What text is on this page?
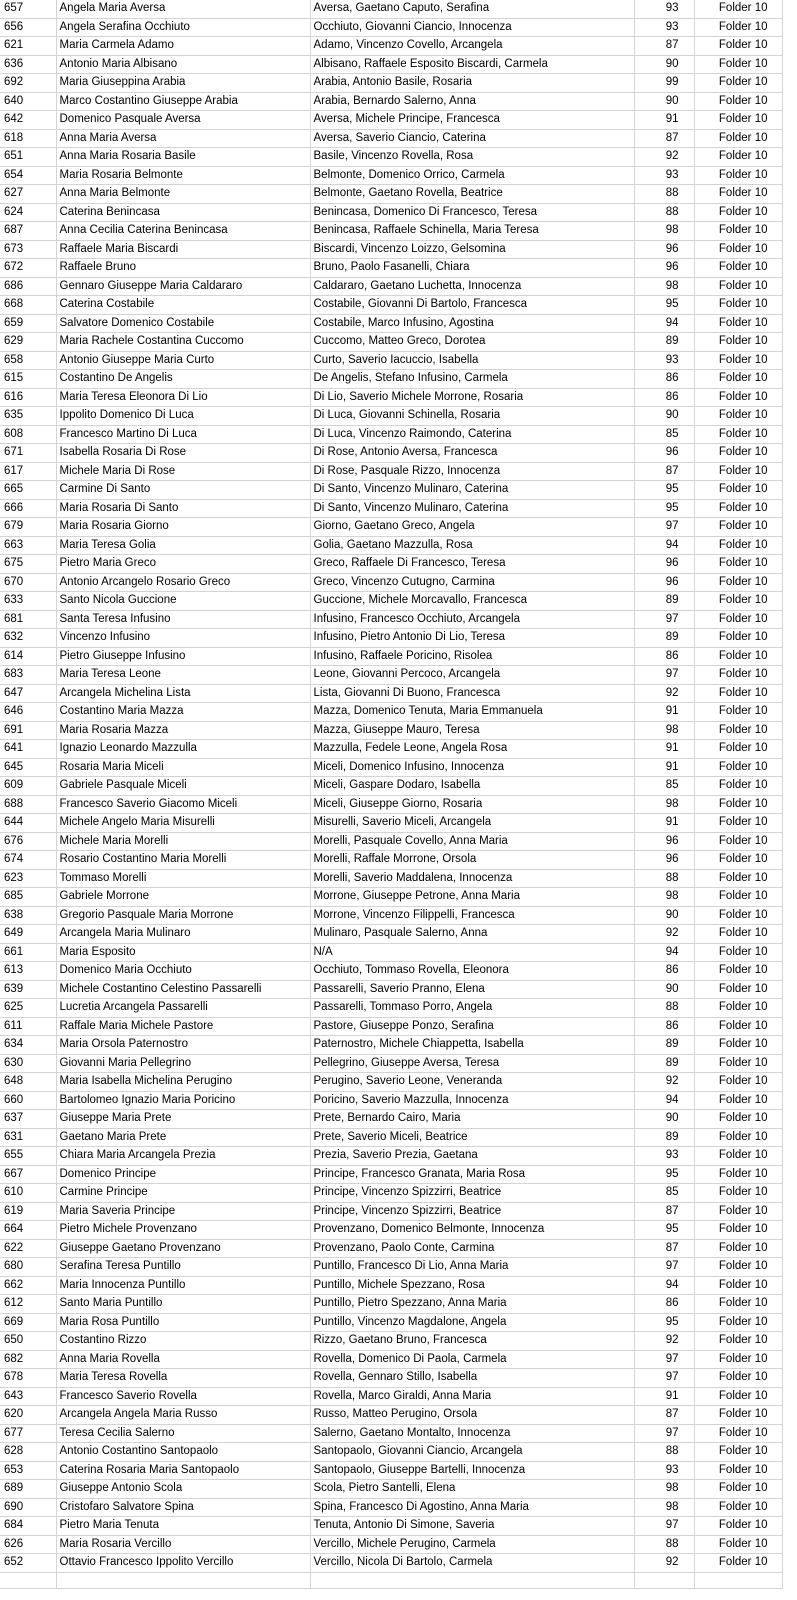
657	Angela Maria Aversa	Aversa, Gaetano Caputo, Serafina	93	Folder 10
656	Angela Serafina Occhiuto	Occhiuto, Giovanni Ciancio, Innocenza	93	Folder 10
621	Maria Carmela Adamo	Adamo, Vincenzo Covello, Arcangela	87	Folder 10
636	Antonio Maria Albisano	Albisano, Raffaele Esposito Biscardi, Carmela	90	Folder 10
692	Maria Giuseppina Arabia	Arabia, Antonio Basile, Rosaria	99	Folder 10
640	Marco Costantino Giuseppe Arabia	Arabia, Bernardo Salerno, Anna	90	Folder 10
642	Domenico Pasquale Aversa	Aversa, Michele Principe, Francesca	91	Folder 10
618	Anna Maria Aversa	Aversa, Saverio Ciancio, Caterina	87	Folder 10
651	Anna Maria Rosaria Basile	Basile, Vincenzo Rovella, Rosa	92	Folder 10
654	Maria Rosaria Belmonte	Belmonte, Domenico Orrico, Carmela	93	Folder 10
627	Anna Maria Belmonte	Belmonte, Gaetano Rovella, Beatrice	88	Folder 10
624	Caterina Benincasa	Benincasa, Domenico Di Francesco, Teresa	88	Folder 10
687	Anna Cecilia Caterina Benincasa	Benincasa, Raffaele Schinella, Maria Teresa	98	Folder 10
673	Raffaele Maria Biscardi	Biscardi, Vincenzo Loizzo, Gelsomina	96	Folder 10
672	Raffaele Bruno	Bruno, Paolo Fasanelli, Chiara	96	Folder 10
686	Gennaro Giuseppe Maria Caldararo	Caldararo, Gaetano Luchetta, Innocenza	98	Folder 10
668	Caterina Costabile	Costabile, Giovanni Di Bartolo, Francesca	95	Folder 10
659	Salvatore Domenico Costabile	Costabile, Marco Infusino, Agostina	94	Folder 10
629	Maria Rachele Costantina Cuccomo	Cuccomo, Matteo Greco, Dorotea	89	Folder 10
658	Antonio Giuseppe Maria Curto	Curto, Saverio Iacuccio, Isabella	93	Folder 10
615	Costantino De Angelis	De Angelis, Stefano Infusino, Carmela	86	Folder 10
616	Maria Teresa Eleonora Di Lio	Di Lio, Saverio Michele Morrone, Rosaria	86	Folder 10
635	Ippolito Domenico Di Luca	Di Luca, Giovanni Schinella, Rosaria	90	Folder 10
608	Francesco Martino Di Luca	Di Luca, Vincenzo Raimondo, Caterina	85	Folder 10
671	Isabella Rosaria Di Rose	Di Rose, Antonio Aversa, Francesca	96	Folder 10
617	Michele Maria Di Rose	Di Rose, Pasquale Rizzo, Innocenza	87	Folder 10
665	Carmine Di Santo	Di Santo, Vincenzo Mulinaro, Caterina	95	Folder 10
666	Maria Rosaria Di Santo	Di Santo, Vincenzo Mulinaro, Caterina	95	Folder 10
679	Maria Rosaria Giorno	Giorno, Gaetano Greco, Angela	97	Folder 10
663	Maria Teresa Golia	Golia, Gaetano Mazzulla, Rosa	94	Folder 10
675	Pietro Maria Greco	Greco, Raffaele Di Francesco, Teresa	96	Folder 10
670	Antonio Arcangelo Rosario Greco	Greco, Vincenzo Cutugno, Carmina	96	Folder 10
633	Santo Nicola Guccione	Guccione, Michele Morcavallo, Francesca	89	Folder 10
681	Santa Teresa Infusino	Infusino, Francesco Occhiuto, Arcangela	97	Folder 10
632	Vincenzo Infusino	Infusino, Pietro Antonio Di Lio, Teresa	89	Folder 10
614	Pietro Giuseppe Infusino	Infusino, Raffaele Poricino, Risolea	86	Folder 10
683	Maria Teresa Leone	Leone, Giovanni Percoco, Arcangela	97	Folder 10
647	Arcangela Michelina Lista	Lista, Giovanni Di Buono, Francesca	92	Folder 10
646	Costantino Maria Mazza	Mazza, Domenico Tenuta, Maria Emmanuela	91	Folder 10
691	Maria Rosaria Mazza	Mazza, Giuseppe Mauro, Teresa	98	Folder 10
641	Ignazio Leonardo Mazzulla	Mazzulla, Fedele Leone, Angela Rosa	91	Folder 10
645	Rosaria Maria Miceli	Miceli, Domenico Infusino, Innocenza	91	Folder 10
609	Gabriele Pasquale Miceli	Miceli, Gaspare Dodaro, Isabella	85	Folder 10
688	Francesco Saverio Giacomo Miceli	Miceli, Giuseppe Giorno, Rosaria	98	Folder 10
644	Michele Angelo Maria Misurelli	Misurelli, Saverio Miceli, Arcangela	91	Folder 10
676	Michele Maria Morelli	Morelli, Pasquale Covello, Anna Maria	96	Folder 10
674	Rosario Costantino Maria Morelli	Morelli, Raffale Morrone, Orsola	96	Folder 10
623	Tommaso Morelli	Morelli, Saverio Maddalena, Innocenza	88	Folder 10
685	Gabriele Morrone	Morrone, Giuseppe Petrone, Anna Maria	98	Folder 10
638	Gregorio Pasquale Maria Morrone	Morrone, Vincenzo Filippelli, Francesca	90	Folder 10
649	Arcangela Maria Mulinaro	Mulinaro, Pasquale Salerno, Anna	92	Folder 10
661	Maria Esposito	N/A	94	Folder 10
613	Domenico Maria Occhiuto	Occhiuto, Tommaso Rovella, Eleonora	86	Folder 10
639	Michele Costantino Celestino Passarelli	Passarelli, Saverio Pranno, Elena	90	Folder 10
625	Lucretia Arcangela Passarelli	Passarelli, Tommaso Porro, Angela	88	Folder 10
611	Raffale Maria Michele Pastore	Pastore, Giuseppe Ponzo, Serafina	86	Folder 10
634	Maria Orsola Paternostro	Paternostro, Michele Chiappetta, Isabella	89	Folder 10
630	Giovanni Maria Pellegrino	Pellegrino, Giuseppe Aversa, Teresa	89	Folder 10
648	Maria Isabella Michelina Perugino	Perugino, Saverio Leone, Veneranda	92	Folder 10
660	Bartolomeo Ignazio Maria Poricino	Poricino, Saverio Mazzulla, Innocenza	94	Folder 10
637	Giuseppe Maria Prete	Prete, Bernardo Cairo, Maria	90	Folder 10
631	Gaetano Maria Prete	Prete, Saverio Miceli, Beatrice	89	Folder 10
655	Chiara Maria Arcangela Prezia	Prezia, Saverio Prezia, Gaetana	93	Folder 10
667	Domenico Principe	Principe, Francesco Granata, Maria Rosa	95	Folder 10
610	Carmine Principe	Principe, Vincenzo Spizzirri, Beatrice	85	Folder 10
619	Maria Saveria Principe	Principe, Vincenzo Spizzirri, Beatrice	87	Folder 10
664	Pietro Michele Provenzano	Provenzano, Domenico Belmonte, Innocenza	95	Folder 10
622	Giuseppe Gaetano Provenzano	Provenzano, Paolo Conte, Carmina	87	Folder 10
680	Serafina Teresa Puntillo	Puntillo, Francesco Di Lio, Anna Maria	97	Folder 10
662	Maria Innocenza Puntillo	Puntillo, Michele Spezzano, Rosa	94	Folder 10
612	Santo Maria Puntillo	Puntillo, Pietro Spezzano, Anna Maria	86	Folder 10
669	Maria Rosa Puntillo	Puntillo, Vincenzo Magdalone, Angela	95	Folder 10
650	Costantino Rizzo	Rizzo, Gaetano Bruno, Francesca	92	Folder 10
682	Anna Maria Rovella	Rovella, Domenico Di Paola, Carmela	97	Folder 10
678	Maria Teresa Rovella	Rovella, Gennaro Stillo, Isabella	97	Folder 10
643	Francesco Saverio Rovella	Rovella, Marco Giraldi, Anna Maria	91	Folder 10
620	Arcangela Angela Maria Russo	Russo, Matteo Perugino, Orsola	87	Folder 10
677	Teresa Cecilia Salerno	Salerno, Gaetano Montalto, Innocenza	97	Folder 10
628	Antonio Costantino Santopaolo	Santopaolo, Giovanni Ciancio, Arcangela	88	Folder 10
653	Caterina Rosaria Maria Santopaolo	Santopaolo, Giuseppe Bartelli, Innocenza	93	Folder 10
689	Giuseppe Antonio Scola	Scola, Pietro Santelli, Elena	98	Folder 10
690	Cristofaro Salvatore Spina	Spina, Francesco Di Agostino, Anna Maria	98	Folder 10
684	Pietro Maria Tenuta	Tenuta, Antonio Di Simone, Saveria	97	Folder 10
626	Maria Rosaria Vercillo	Vercillo, Michele Perugino, Carmela	88	Folder 10
652	Ottavio Francesco Ippolito Vercillo	Vercillo, Nicola Di Bartolo, Carmela	92	Folder 10
